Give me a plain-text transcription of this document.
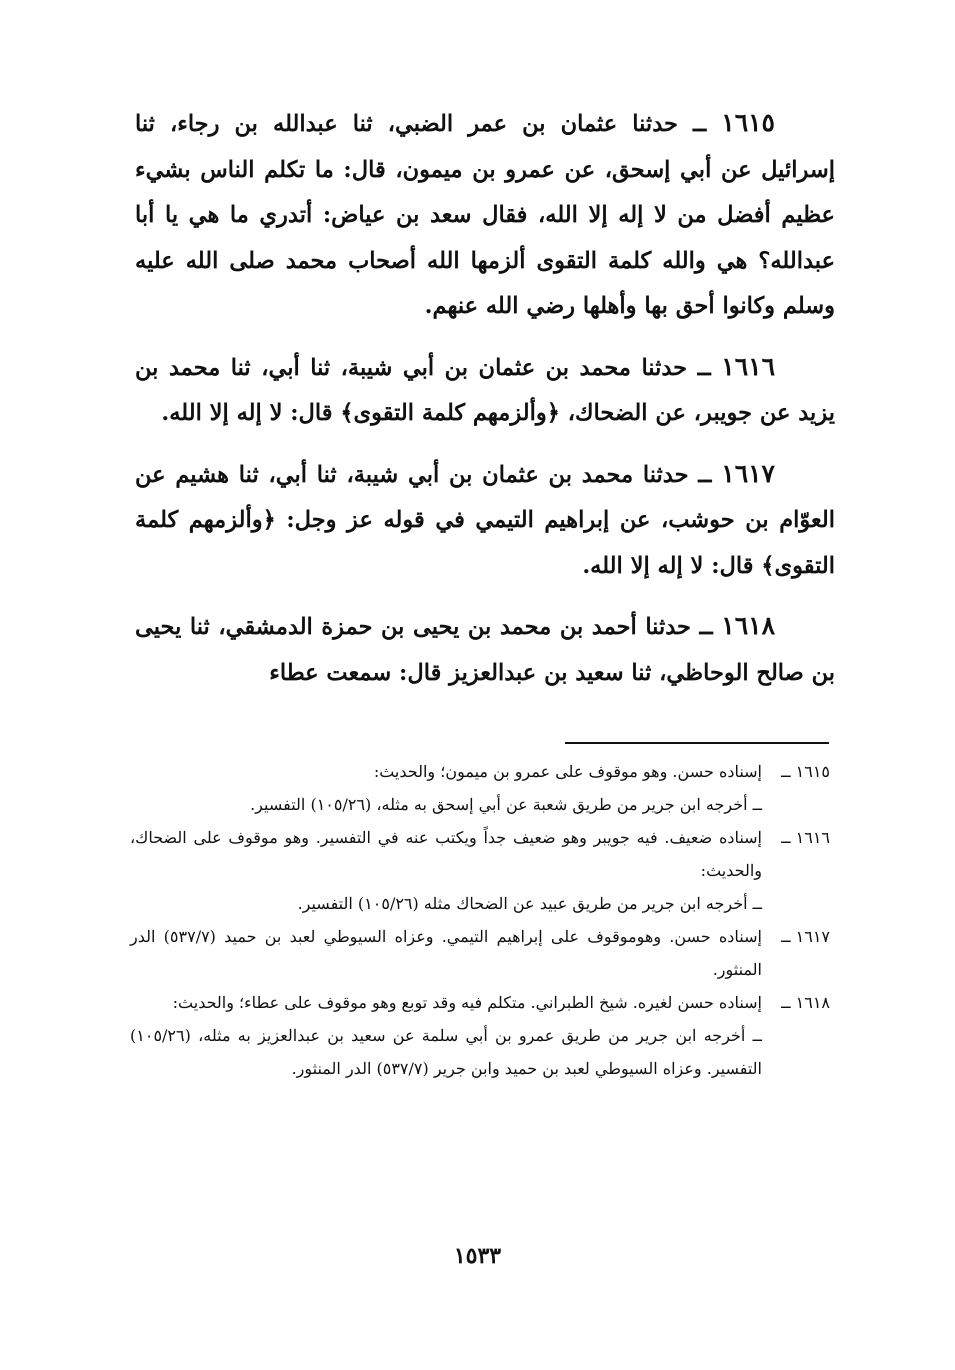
١٦١٥ ــ حدثنا عثمان بن عمر الضبي، ثنا عبدالله بن رجاء، ثنا إسرائيل عن أبي إسحق، عن عمرو بن ميمون، قال: ما تكلم الناس بشيء عظيم أفضل من لا إله إلا الله، فقال سعد بن عياض: أتدري ما هي يا أبا عبدالله؟ هي والله كلمة التقوى ألزمها الله أصحاب محمد صلى الله عليه وسلم وكانوا أحق بها وأهلها رضي الله عنهم.

١٦١٦ ــ حدثنا محمد بن عثمان بن أبي شيبة، ثنا أبي، ثنا محمد بن يزيد عن جويبر، عن الضحاك، ﴿وألزمهم كلمة التقوى﴾ قال: لا إله إلا الله.

١٦١٧ ــ حدثنا محمد بن عثمان بن أبي شيبة، ثنا أبي، ثنا هشيم عن العوّام بن حوشب، عن إبراهيم التيمي في قوله عز وجل: ﴿وألزمهم كلمة التقوى﴾ قال: لا إله إلا الله.

١٦١٨ ــ حدثنا أحمد بن محمد بن يحيى بن حمزة الدمشقي، ثنا يحيى بن صالح الوحاظي، ثنا سعيد بن عبدالعزيز قال: سمعت عطاء

١٦١٥ ــ
إسناده حسن. وهو موقوف على عمرو بن ميمون؛ والحديث:
ــ أخرجه ابن جرير من طريق شعبة عن أبي إسحق به مثله، (١٠٥/٢٦) التفسير.
١٦١٦ ــ
إسناده ضعيف. فيه جويبر وهو ضعيف جداً ويكتب عنه في التفسير. وهو موقوف على الضحاك، والحديث:
ــ أخرجه ابن جرير من طريق عبيد عن الضحاك مثله (١٠٥/٢٦) التفسير.
١٦١٧ ــ
إسناده حسن. وهوموقوف على إبراهيم التيمي. وعزاه السيوطي لعبد بن حميد (٥٣٧/٧) الدر المنثور.
١٦١٨ ــ
إسناده حسن لغيره. شيخ الطبراني. متكلم فيه وقد توبع وهو موقوف على عطاء؛ والحديث:
ــ أخرجه ابن جرير من طريق عمرو بن أبي سلمة عن سعيد بن عبدالعزيز به مثله، (١٠٥/٢٦) التفسير. وعزاه السيوطي لعبد بن حميد وابن جرير (٥٣٧/٧) الدر المنثور.
١٥٣٣
